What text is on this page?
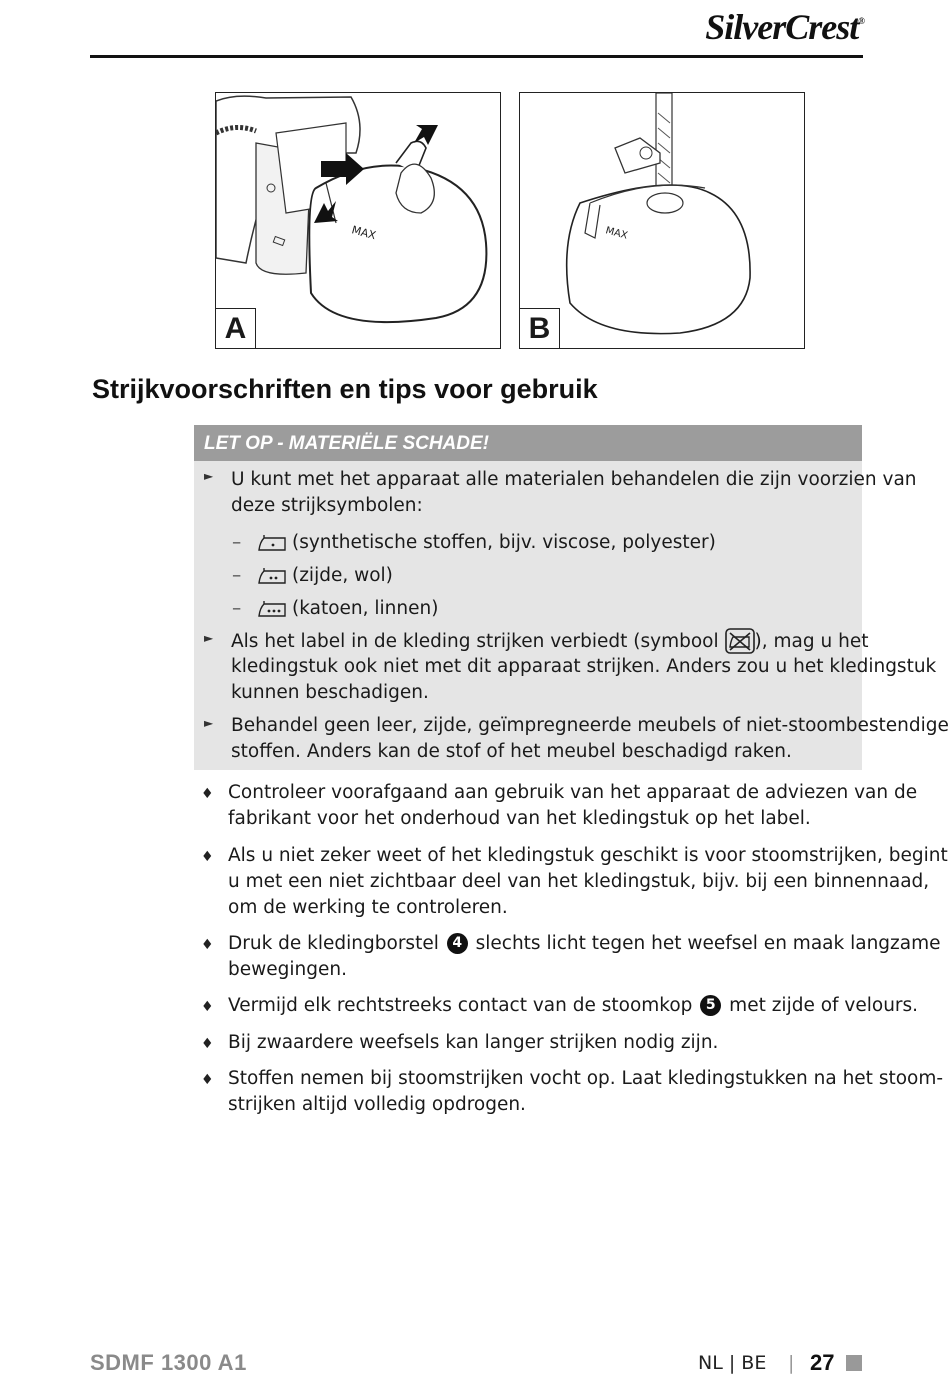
SilverCrest®
MAX
A
MAX
B
Strijkvoorschriften en tips voor gebruik
LET OP - MATERIËLE SCHADE!
► U kunt met het apparaat alle materialen behandelen die zijn voorzien van
deze strijksymbolen:
–	(synthetische stoffen, bijv. viscose, polyester)
–	(zijde, wol)
–	(katoen, linnen)
► Als het label in de kleding strijken verbiedt (symbool ), mag u het
kledingstuk ook niet met dit apparaat strijken. Anders zou u het kledingstuk
kunnen beschadigen.
► Behandel geen leer, zijde, geïmpregneerde meubels of niet-stoombestendige
stoffen. Anders kan de stof of het meubel beschadigd raken.
♦ Controleer voorafgaand aan gebruik van het apparaat de adviezen van de
fabrikant voor het onderhoud van het kledingstuk op het label.
♦ Als u niet zeker weet of het kledingstuk geschikt is voor stoomstrijken, begint
u met een niet zichtbaar deel van het kledingstuk, bijv. bij een binnennaad,
om de werking te controleren.
♦ Druk de kledingborstel 4 slechts licht tegen het weefsel en maak langzame
bewegingen.
♦ Vermijd elk rechtstreeks contact van de stoomkop 5 met zijde of velours.
♦ Bij zwaardere weefsels kan langer strijken nodig zijn.
♦ Stoffen nemen bij stoomstrijken vocht op. Laat kledingstukken na het stoom-
strijken altijd volledig opdrogen.
SDMF 1300 A1	NL | BE | 27
